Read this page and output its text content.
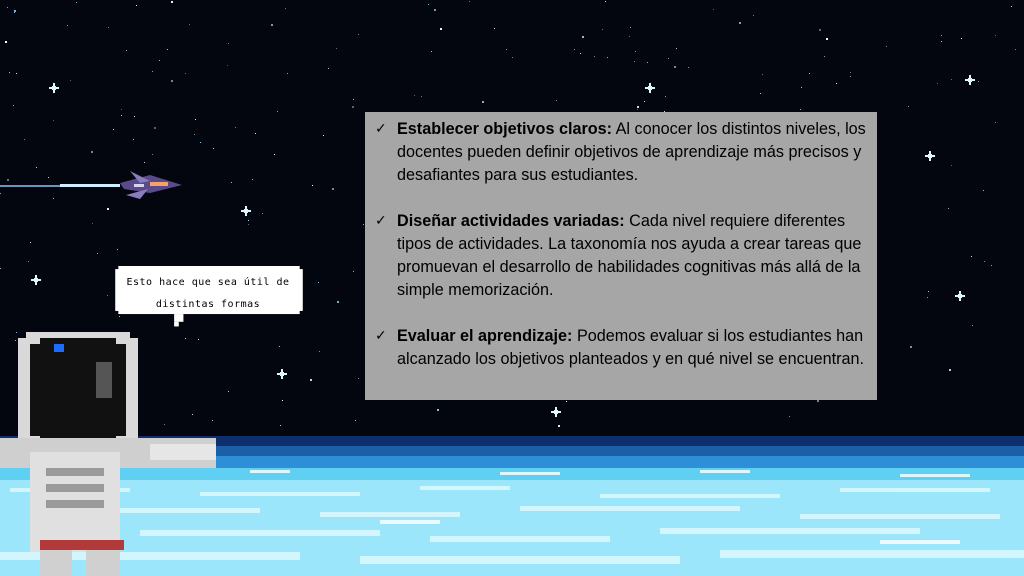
Esto hace que sea útil de
distintas formas
✓ Establecer objetivos claros: Al conocer los distintos niveles, los docentes pueden definir objetivos de aprendizaje más precisos y desafiantes para sus estudiantes.
✓ Diseñar actividades variadas: Cada nivel requiere diferentes tipos de actividades. La taxonomía nos ayuda a crear tareas que promuevan el desarrollo de habilidades cognitivas más allá de la simple memorización.
✓ Evaluar el aprendizaje: Podemos evaluar si los estudiantes han alcanzado los objetivos planteados y en qué nivel se encuentran.
